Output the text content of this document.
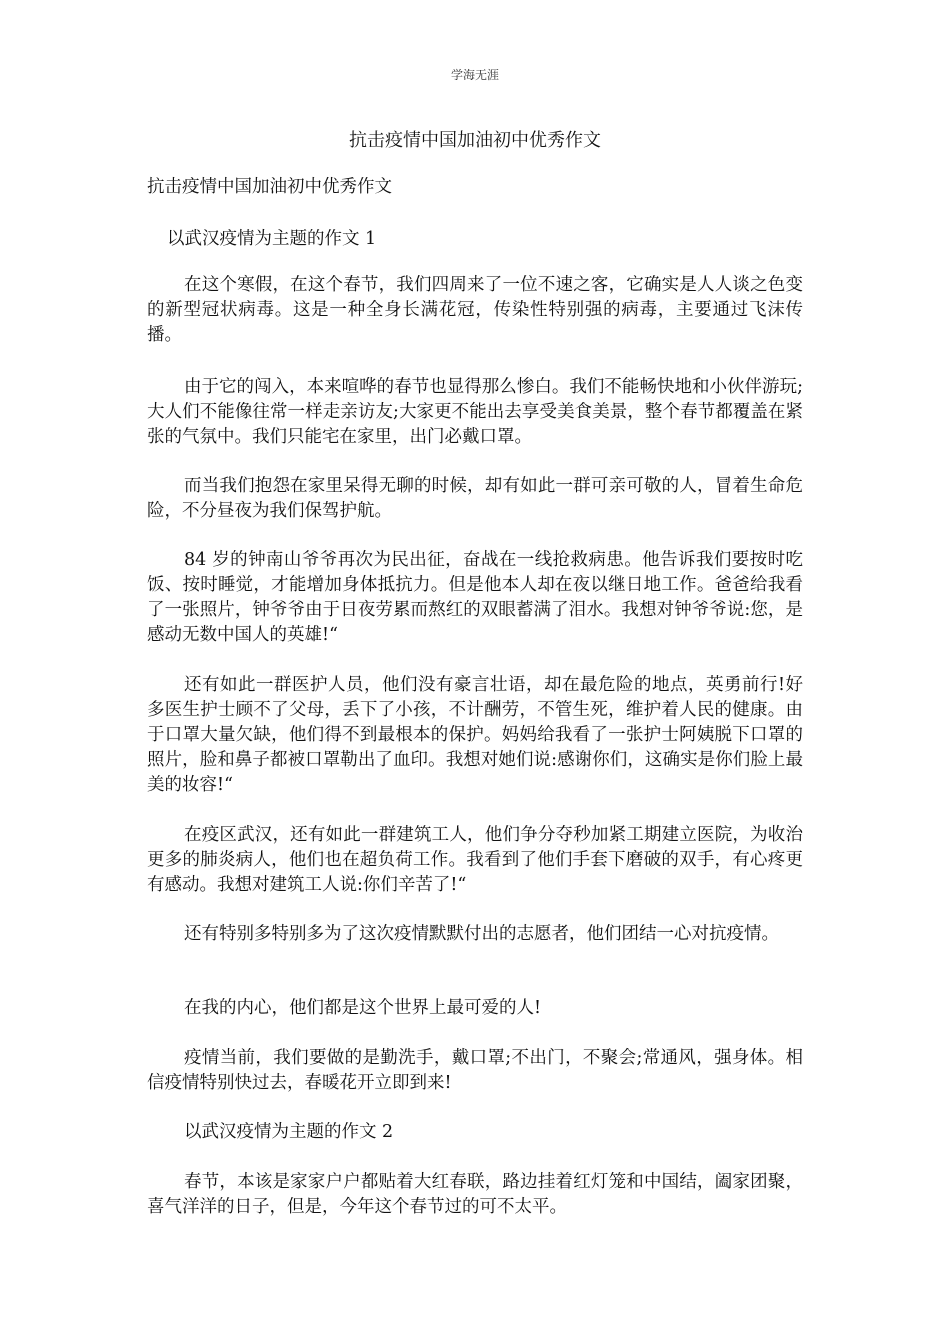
学海无涯
抗击疫情中国加油初中优秀作文

抗击疫情中国加油初中优秀作文

以武汉疫情为主题的作文 1

在这个寒假，在这个春节，我们四周来了一位不速之客，它确实是人人谈之色变的新型冠状病毒。这是一种全身长满花冠，传染性特别强的病毒，主要通过飞沫传播。

由于它的闯入，本来喧哗的春节也显得那么惨白。我们不能畅快地和小伙伴游玩;大人们不能像往常一样走亲访友;大家更不能出去享受美食美景，整个春节都覆盖在紧张的气氛中。我们只能宅在家里，出门必戴口罩。

而当我们抱怨在家里呆得无聊的时候，却有如此一群可亲可敬的人，冒着生命危险，不分昼夜为我们保驾护航。

84 岁的钟南山爷爷再次为民出征，奋战在一线抢救病患。他告诉我们要按时吃饭、按时睡觉，才能增加身体抵抗力。但是他本人却在夜以继日地工作。爸爸给我看了一张照片，钟爷爷由于日夜劳累而熬红的双眼蓄满了泪水。我想对钟爷爷说:您，是感动无数中国人的英雄!“

还有如此一群医护人员，他们没有豪言壮语，却在最危险的地点，英勇前行!好多医生护士顾不了父母，丢下了小孩，不计酬劳，不管生死，维护着人民的健康。由于口罩大量欠缺，他们得不到最根本的保护。妈妈给我看了一张护士阿姨脱下口罩的照片，脸和鼻子都被口罩勒出了血印。我想对她们说:感谢你们，这确实是你们脸上最美的妆容!“

在疫区武汉，还有如此一群建筑工人，他们争分夺秒加紧工期建立医院，为收治更多的肺炎病人，他们也在超负荷工作。我看到了他们手套下磨破的双手，有心疼更有感动。我想对建筑工人说:你们辛苦了!“

还有特别多特别多为了这次疫情默默付出的志愿者，他们团结一心对抗疫情。

在我的内心，他们都是这个世界上最可爱的人!

疫情当前，我们要做的是勤洗手，戴口罩;不出门，不聚会;常通风，强身体。相信疫情特别快过去，春暖花开立即到来!

以武汉疫情为主题的作文 2

春节，本该是家家户户都贴着大红春联，路边挂着红灯笼和中国结，阖家团聚，喜气洋洋的日子，但是，今年这个春节过的可不太平。
